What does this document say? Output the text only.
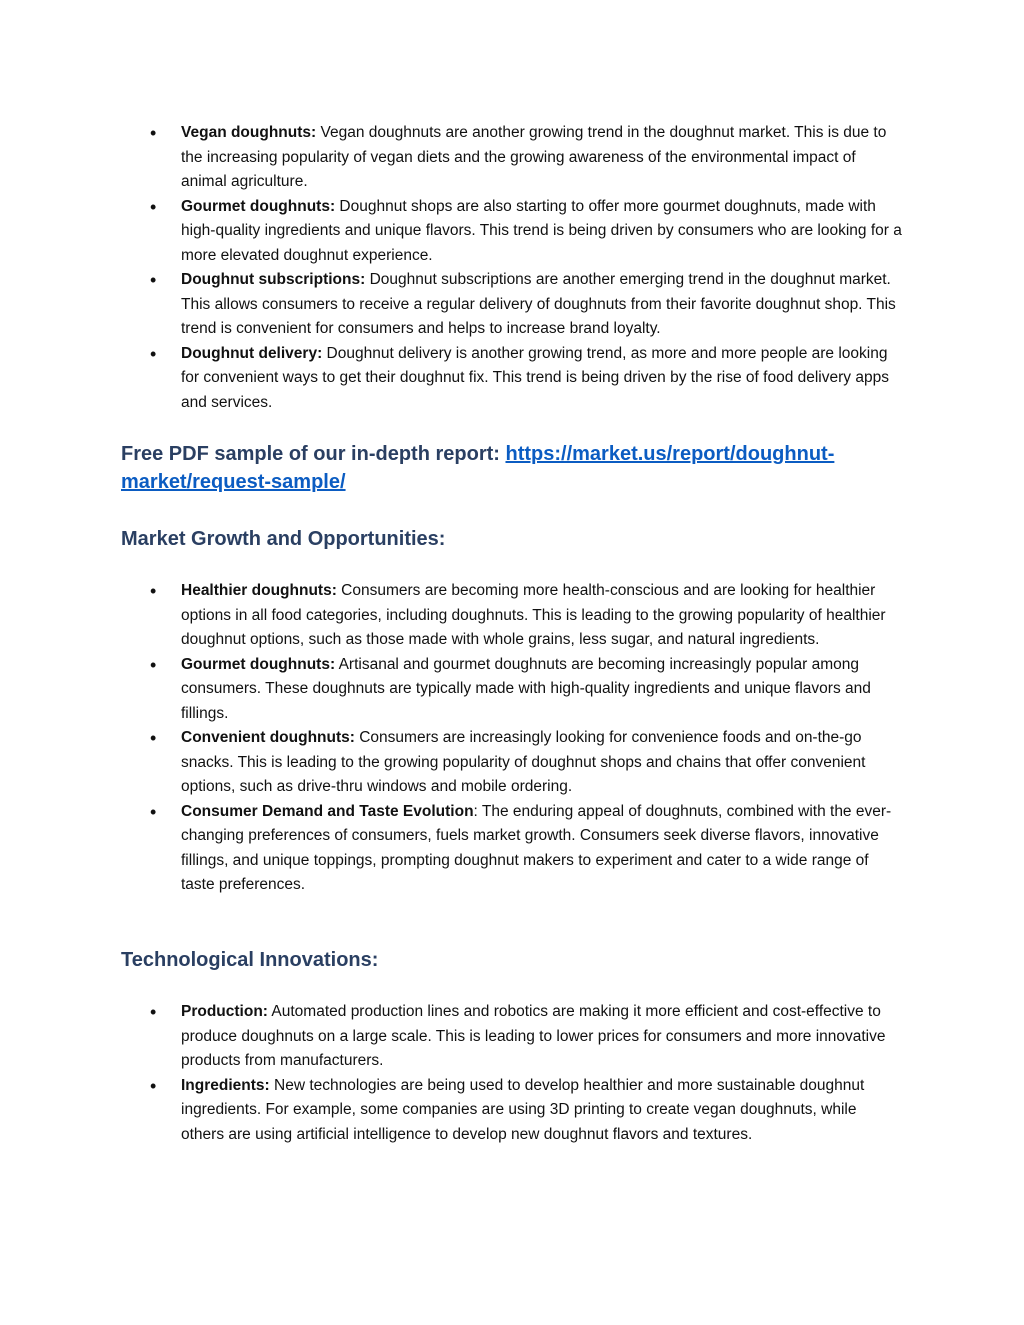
• Vegan doughnuts: Vegan doughnuts are another growing trend in the doughnut market. This is due to the increasing popularity of vegan diets and the growing awareness of the environmental impact of animal agriculture.
• Gourmet doughnuts: Doughnut shops are also starting to offer more gourmet doughnuts, made with high-quality ingredients and unique flavors. This trend is being driven by consumers who are looking for a more elevated doughnut experience.
• Doughnut subscriptions: Doughnut subscriptions are another emerging trend in the doughnut market. This allows consumers to receive a regular delivery of doughnuts from their favorite doughnut shop. This trend is convenient for consumers and helps to increase brand loyalty.
• Doughnut delivery: Doughnut delivery is another growing trend, as more and more people are looking for convenient ways to get their doughnut fix. This trend is being driven by the rise of food delivery apps and services.
Free PDF sample of our in-depth report: https://market.us/report/doughnut-market/request-sample/
Market Growth and Opportunities:
• Healthier doughnuts: Consumers are becoming more health-conscious and are looking for healthier options in all food categories, including doughnuts. This is leading to the growing popularity of healthier doughnut options, such as those made with whole grains, less sugar, and natural ingredients.
• Gourmet doughnuts: Artisanal and gourmet doughnuts are becoming increasingly popular among consumers. These doughnuts are typically made with high-quality ingredients and unique flavors and fillings.
• Convenient doughnuts: Consumers are increasingly looking for convenience foods and on-the-go snacks. This is leading to the growing popularity of doughnut shops and chains that offer convenient options, such as drive-thru windows and mobile ordering.
• Consumer Demand and Taste Evolution: The enduring appeal of doughnuts, combined with the ever-changing preferences of consumers, fuels market growth. Consumers seek diverse flavors, innovative fillings, and unique toppings, prompting doughnut makers to experiment and cater to a wide range of taste preferences.
Technological Innovations:
• Production: Automated production lines and robotics are making it more efficient and cost-effective to produce doughnuts on a large scale. This is leading to lower prices for consumers and more innovative products from manufacturers.
• Ingredients: New technologies are being used to develop healthier and more sustainable doughnut ingredients. For example, some companies are using 3D printing to create vegan doughnuts, while others are using artificial intelligence to develop new doughnut flavors and textures.
